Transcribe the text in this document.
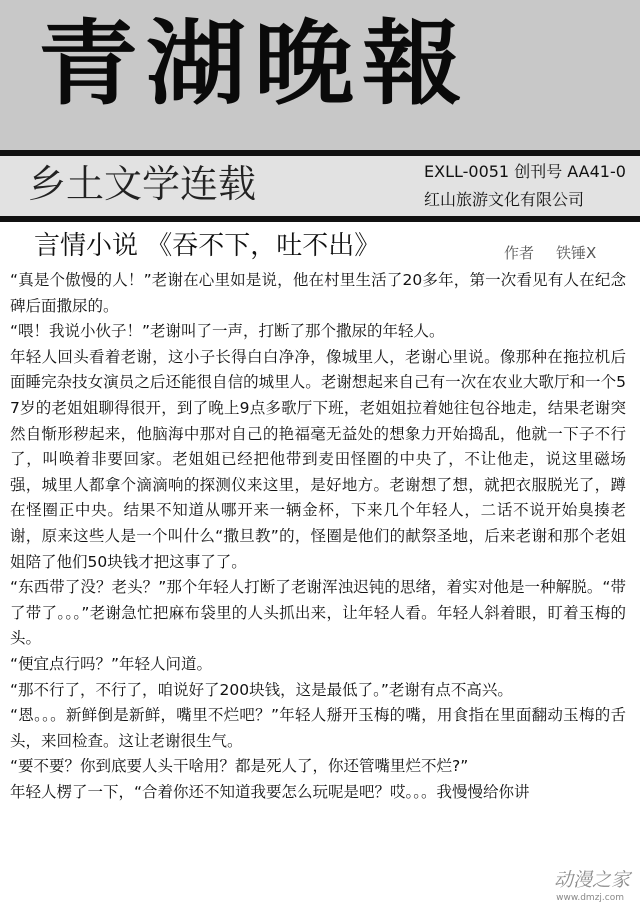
青湖晚報
乡土文学连载	EXLL-0051 创刊号 AA41-0
红山旅游文化有限公司
言情小说 《吞不下，吐不出》	作者 铁锤X

“真是个傲慢的人！”老谢在心里如是说，他在村里生活了20多年，第一次看见有人在纪念碑后面撒尿的。

“喂！我说小伙子！”老谢叫了一声，打断了那个撒尿的年轻人。

年轻人回头看着老谢，这小子长得白白净净，像城里人，老谢心里说。像那种在拖拉机后面睡完杂技女演员之后还能很自信的城里人。老谢想起来自己有一次在农业大歌厅和一个57岁的老姐姐聊得很开，到了晚上9点多歌厅下班，老姐姐拉着她往包谷地走，结果老谢突然自惭形秽起来，他脑海中那对自己的艳福毫无益处的想象力开始捣乱，他就一下子不行了，叫唤着非要回家。老姐姐已经把他带到麦田怪圈的中央了，不让他走，说这里磁场强，城里人都拿个滴滴响的探测仪来这里，是好地方。老谢想了想，就把衣服脱光了，蹲在怪圈正中央。结果不知道从哪开来一辆金杯，下来几个年轻人，二话不说开始臭揍老谢，原来这些人是一个叫什么“撒旦教”的，怪圈是他们的献祭圣地，后来老谢和那个老姐姐陪了他们50块钱才把这事了了。

“东西带了没？老头？”那个年轻人打断了老谢浑浊迟钝的思绪，着实对他是一种解脱。“带了带了。。。”老谢急忙把麻布袋里的人头抓出来，让年轻人看。年轻人斜着眼，盯着玉梅的头。

“便宜点行吗？”年轻人问道。

“那不行了，不行了，咱说好了200块钱，这是最低了。”老谢有点不高兴。

“恩。。。新鲜倒是新鲜，嘴里不烂吧？”年轻人掰开玉梅的嘴，用食指在里面翻动玉梅的舌头，来回检查。这让老谢很生气。

“要不要？你到底要人头干啥用？都是死人了，你还管嘴里烂不烂?”

年轻人楞了一下，“合着你还不知道我要怎么玩呢是吧？哎。。。我慢慢给你讲

动漫之家
www.dmzj.com
